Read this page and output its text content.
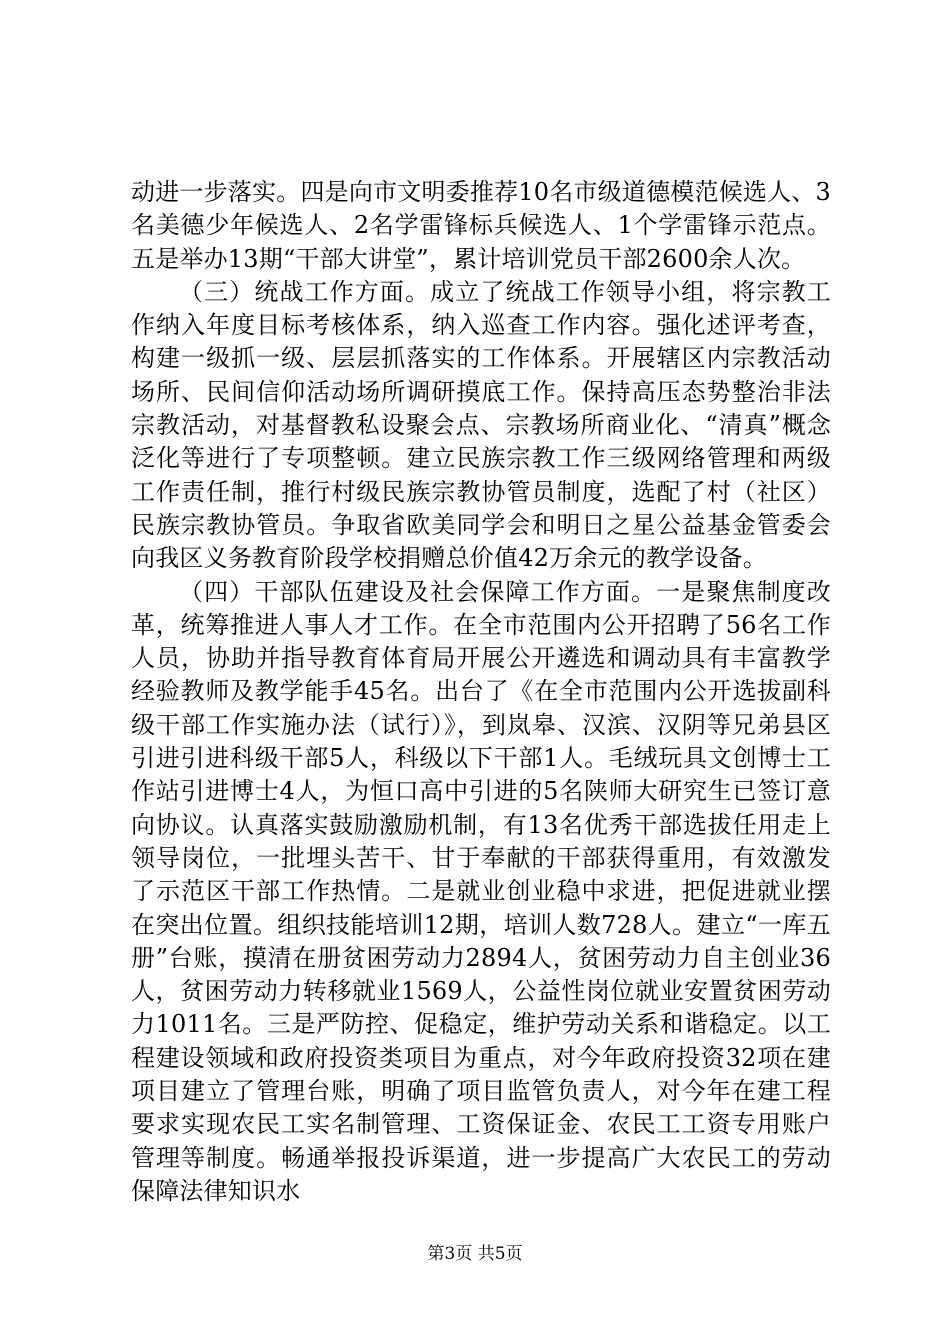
动进一步落实。四是向市文明委推荐10名市级道德模范候选人、3名美德少年候选人、2名学雷锋标兵候选人、1个学雷锋示范点。五是举办13期“干部大讲堂”，累计培训党员干部2600余人次。

（三）统战工作方面。成立了统战工作领导小组，将宗教工作纳入年度目标考核体系，纳入巡查工作内容。强化述评考查，构建一级抓一级、层层抓落实的工作体系。开展辖区内宗教活动场所、民间信仰活动场所调研摸底工作。保持高压态势整治非法宗教活动，对基督教私设聚会点、宗教场所商业化、“清真”概念泛化等进行了专项整顿。建立民族宗教工作三级网络管理和两级工作责任制，推行村级民族宗教协管员制度，选配了村（社区）民族宗教协管员。争取省欧美同学会和明日之星公益基金管委会向我区义务教育阶段学校捐赠总价值42万余元的教学设备。

（四）干部队伍建设及社会保障工作方面。一是聚焦制度改革，统筹推进人事人才工作。在全市范围内公开招聘了56名工作人员，协助并指导教育体育局开展公开遴选和调动具有丰富教学经验教师及教学能手45名。出台了《在全市范围内公开选拔副科级干部工作实施办法（试行）》，到岚皋、汉滨、汉阴等兄弟县区引进引进科级干部5人，科级以下干部1人。毛绒玩具文创博士工作站引进博士4人，为恒口高中引进的5名陕师大研究生已签订意向协议。认真落实鼓励激励机制，有13名优秀干部选拔任用走上领导岗位，一批埋头苦干、甘于奉献的干部获得重用，有效激发了示范区干部工作热情。二是就业创业稳中求进，把促进就业摆在突出位置。组织技能培训12期，培训人数728人。建立“一库五册”台账，摸清在册贫困劳动力2894人，贫困劳动力自主创业36人，贫困劳动力转移就业1569人，公益性岗位就业安置贫困劳动力1011名。三是严防控、促稳定，维护劳动关系和谐稳定。以工程建设领域和政府投资类项目为重点，对今年政府投资32项在建项目建立了管理台账，明确了项目监管负责人，对今年在建工程要求实现农民工实名制管理、工资保证金、农民工工资专用账户管理等制度。畅通举报投诉渠道，进一步提高广大农民工的劳动保障法律知识水

第3页 共5页
